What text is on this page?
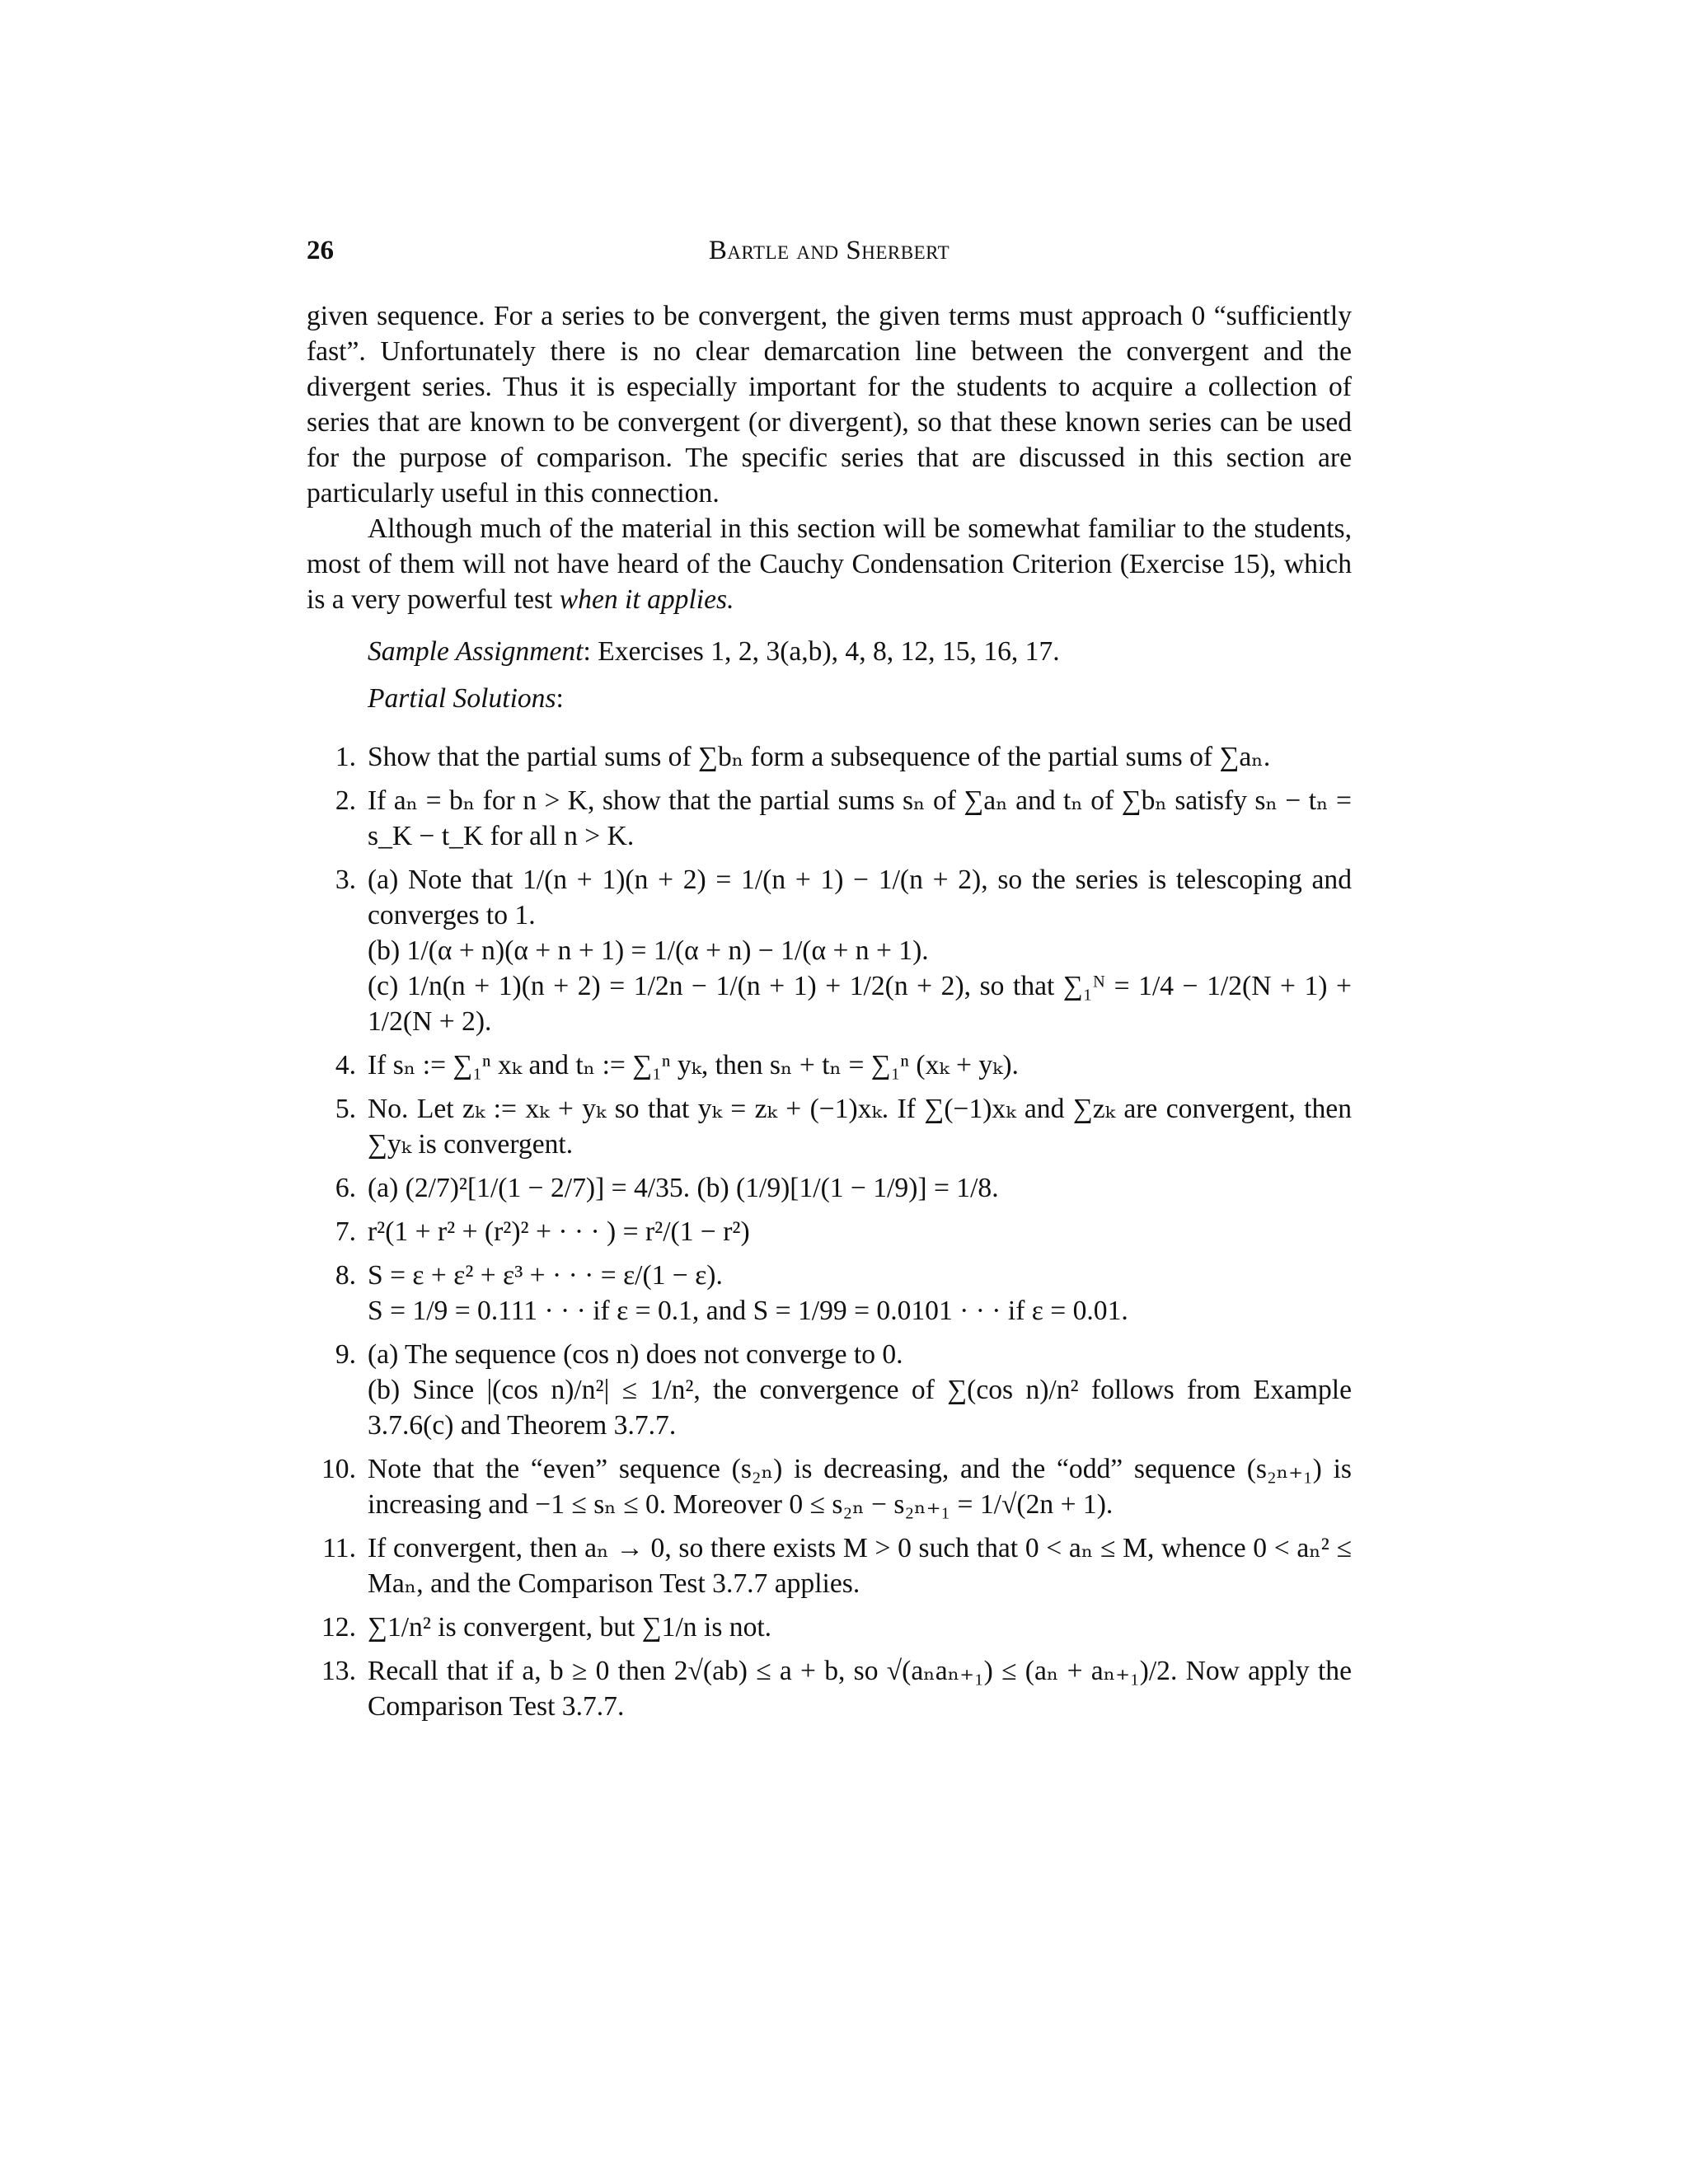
26	Bartle and Sherbert

given sequence. For a series to be convergent, the given terms must approach 0 “sufficiently fast”. Unfortunately there is no clear demarcation line between the convergent and the divergent series. Thus it is especially important for the students to acquire a collection of series that are known to be convergent (or divergent), so that these known series can be used for the purpose of comparison. The specific series that are discussed in this section are particularly useful in this connection.

Although much of the material in this section will be somewhat familiar to the students, most of them will not have heard of the Cauchy Condensation Criterion (Exercise 15), which is a very powerful test when it applies.

Sample Assignment: Exercises 1, 2, 3(a,b), 4, 8, 12, 15, 16, 17.

Partial Solutions:

1. Show that the partial sums of ∑bₙ form a subsequence of the partial sums of ∑aₙ.
2. If aₙ = bₙ for n > K, show that the partial sums sₙ of ∑aₙ and tₙ of ∑bₙ satisfy sₙ − tₙ = s_K − t_K for all n > K.
3. (a) Note that 1/(n + 1)(n + 2) = 1/(n + 1) − 1/(n + 2), so the series is telescoping and converges to 1.
(b) 1/(α + n)(α + n + 1) = 1/(α + n) − 1/(α + n + 1).
(c) 1/n(n + 1)(n + 2) = 1/2n − 1/(n + 1) + 1/2(n + 2), so that ∑₁ᴺ = 1/4 − 1/2(N + 1) + 1/2(N + 2).
4. If sₙ := ∑₁ⁿ xₖ and tₙ := ∑₁ⁿ yₖ, then sₙ + tₙ = ∑₁ⁿ (xₖ + yₖ).
5. No. Let zₖ := xₖ + yₖ so that yₖ = zₖ + (−1)xₖ. If ∑(−1)xₖ and ∑zₖ are convergent, then ∑yₖ is convergent.
6. (a) (2/7)²[1/(1 − 2/7)] = 4/35. (b) (1/9)[1/(1 − 1/9)] = 1/8.
7. r²(1 + r² + (r²)² + · · · ) = r²/(1 − r²)
8. S = ε + ε² + ε³ + · · · = ε/(1 − ε).
S = 1/9 = 0.111 · · · if ε = 0.1, and S = 1/99 = 0.0101 · · · if ε = 0.01.
9. (a) The sequence (cos n) does not converge to 0.
(b) Since |(cos n)/n²| ≤ 1/n², the convergence of ∑(cos n)/n² follows from Example 3.7.6(c) and Theorem 3.7.7.
10. Note that the “even” sequence (s₂ₙ) is decreasing, and the “odd” sequence (s₂ₙ₊₁) is increasing and −1 ≤ sₙ ≤ 0. Moreover 0 ≤ s₂ₙ − s₂ₙ₊₁ = 1/√(2n + 1).
11. If convergent, then aₙ → 0, so there exists M > 0 such that 0 < aₙ ≤ M, whence 0 < aₙ² ≤ Maₙ, and the Comparison Test 3.7.7 applies.
12. ∑1/n² is convergent, but ∑1/n is not.
13. Recall that if a, b ≥ 0 then 2√(ab) ≤ a + b, so √(aₙaₙ₊₁) ≤ (aₙ + aₙ₊₁)/2. Now apply the Comparison Test 3.7.7.
